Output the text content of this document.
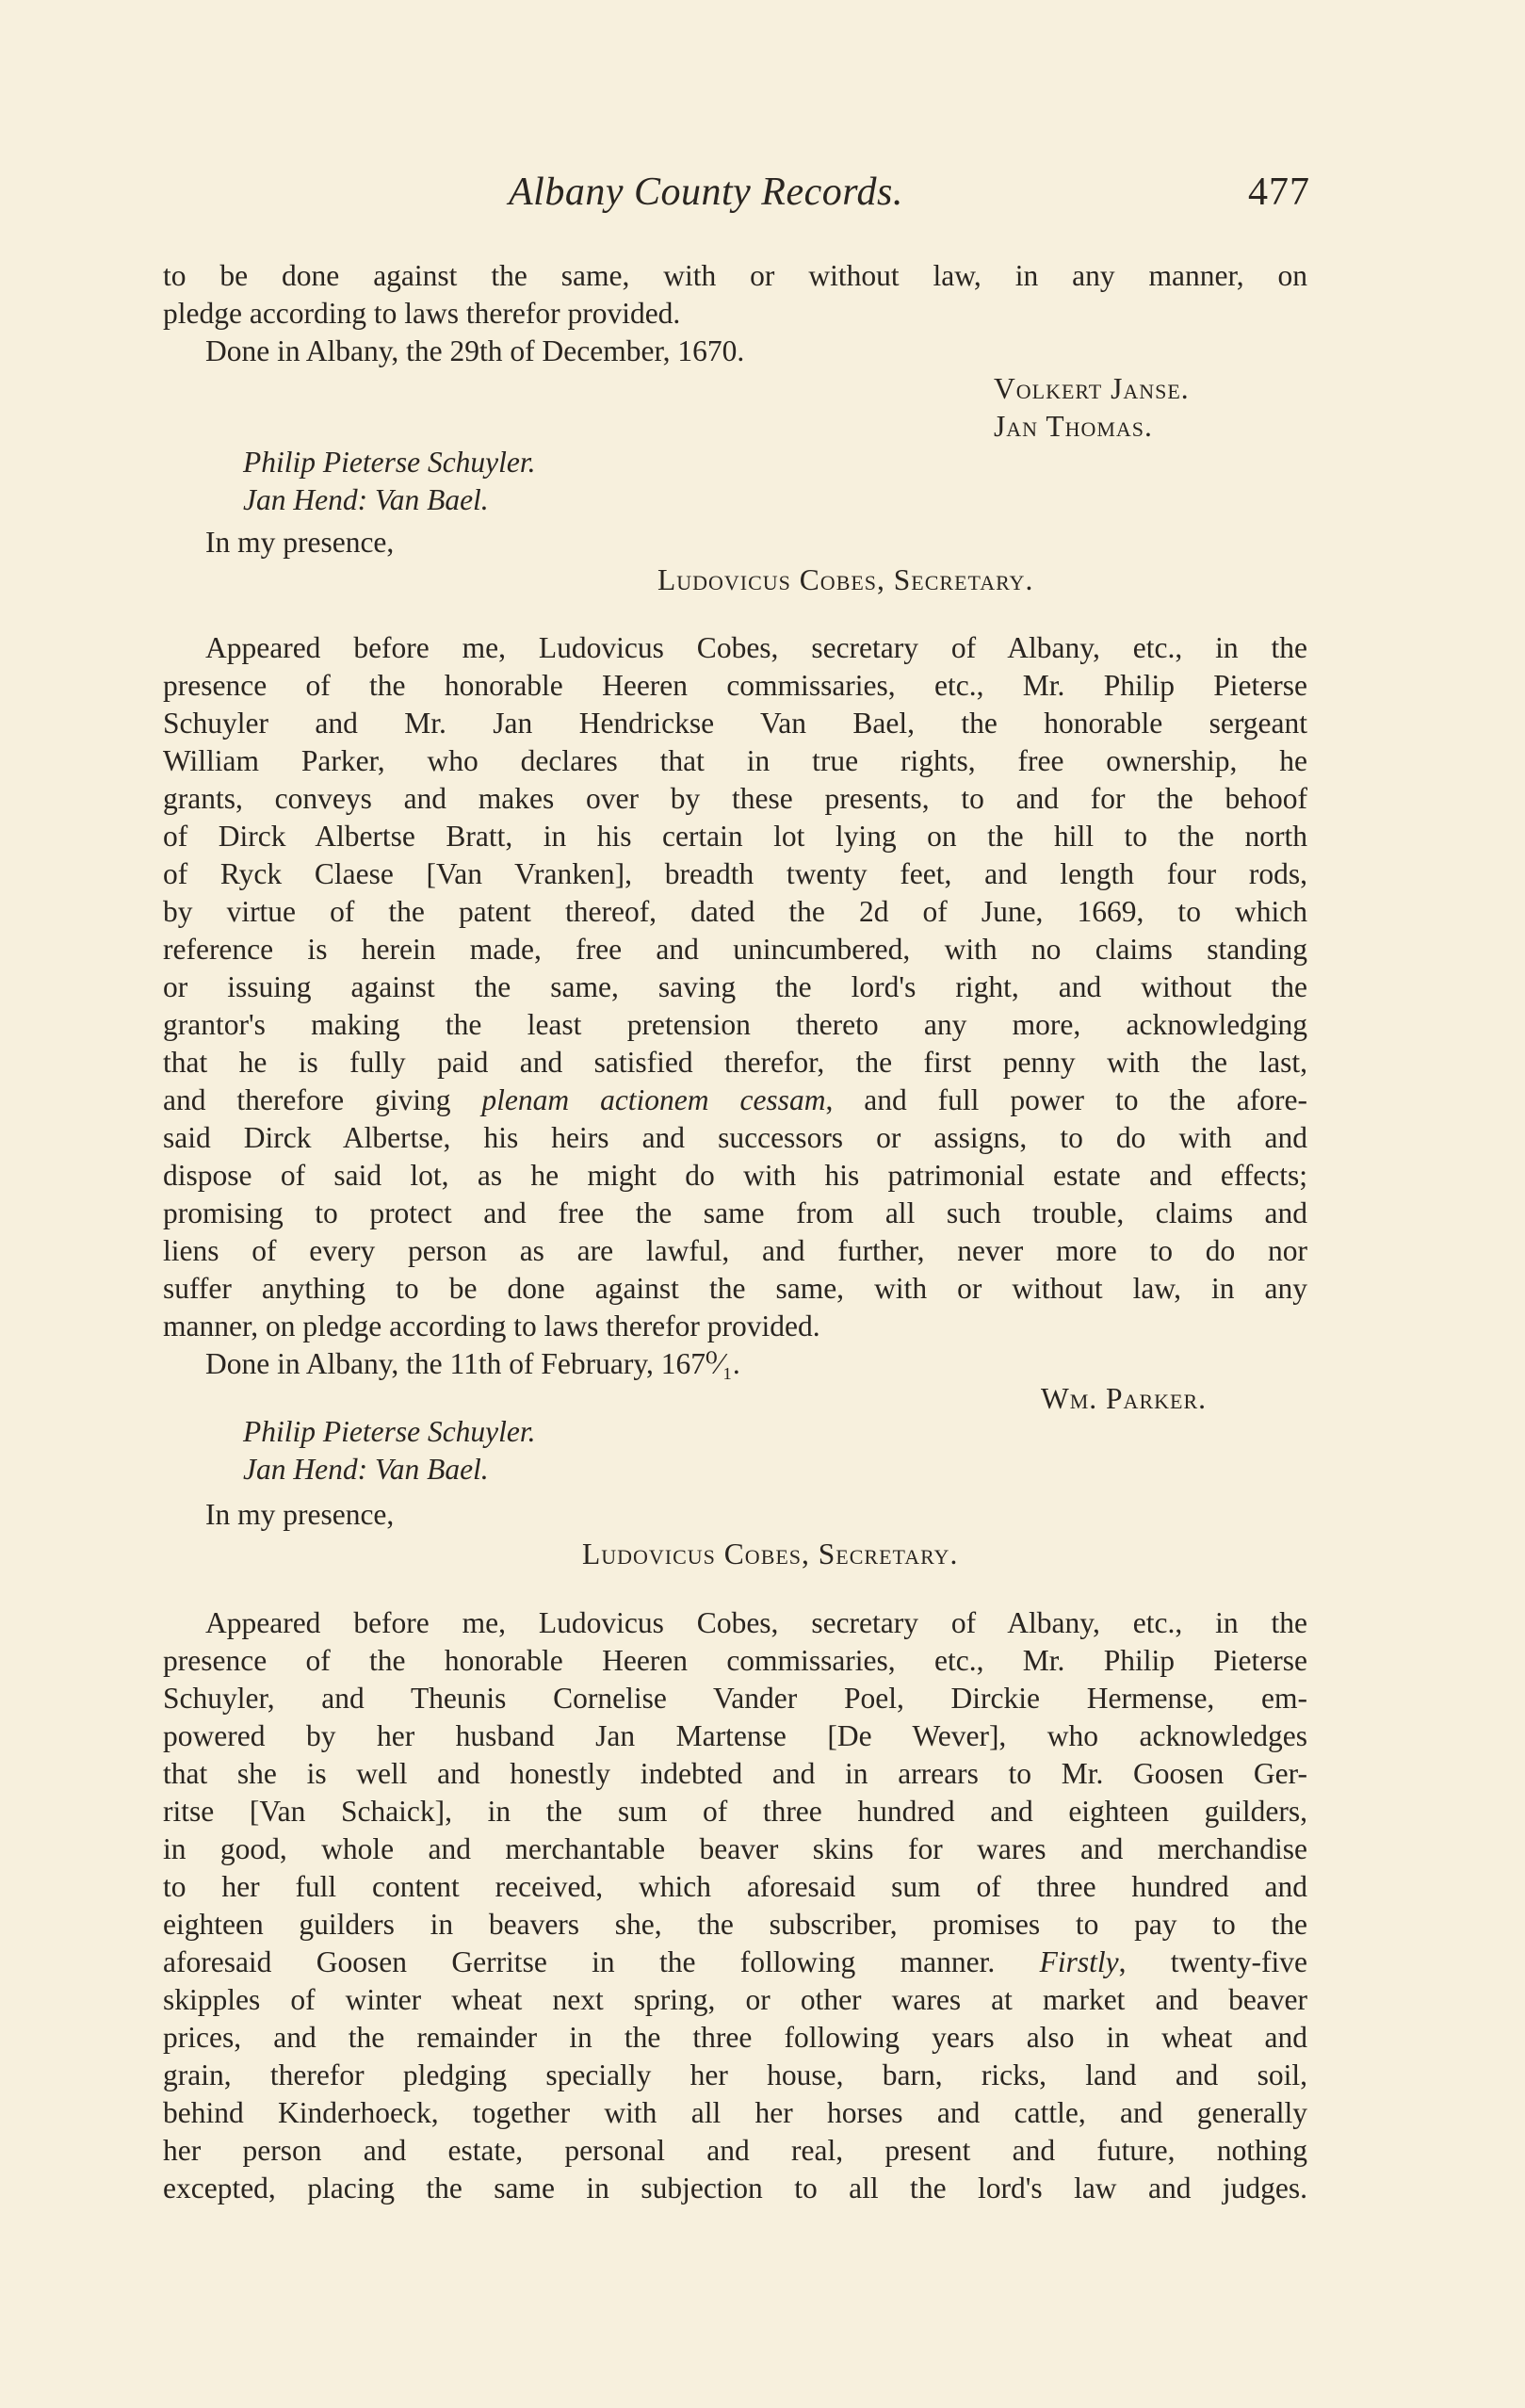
Albany County Records.	477
to be done against the same, with or without law, in any manner, on
pledge according to laws therefor provided.
Done in Albany, the 29th of December, 1670.
Volkert Janse.
Jan Thomas.
Philip Pieterse Schuyler.
Jan Hend: Van Bael.
In my presence,
Ludovicus Cobes, Secretary.
Appeared before me, Ludovicus Cobes, secretary of Albany, etc., in the
presence of the honorable Heeren commissaries, etc., Mr. Philip Pieterse
Schuyler and Mr. Jan Hendrickse Van Bael, the honorable sergeant
William Parker, who declares that in true rights, free ownership, he
grants, conveys and makes over by these presents, to and for the behoof
of Dirck Albertse Bratt, in his certain lot lying on the hill to the north
of Ryck Claese [Van Vranken], breadth twenty feet, and length four rods,
by virtue of the patent thereof, dated the 2d of June, 1669, to which
reference is herein made, free and unincumbered, with no claims standing
or issuing against the same, saving the lord's right, and without the
grantor's making the least pretension thereto any more, acknowledging
that he is fully paid and satisfied therefor, the first penny with the last,
and therefore giving plenam actionem cessam, and full power to the afore-
said Dirck Albertse, his heirs and successors or assigns, to do with and
dispose of said lot, as he might do with his patrimonial estate and effects;
promising to protect and free the same from all such trouble, claims and
liens of every person as are lawful, and further, never more to do nor
suffer anything to be done against the same, with or without law, in any
manner, on pledge according to laws therefor provided.
Done in Albany, the 11th of February, 167⁰⁄₁.
Wm. Parker.
Philip Pieterse Schuyler.
Jan Hend: Van Bael.
In my presence,
Ludovicus Cobes, Secretary.
Appeared before me, Ludovicus Cobes, secretary of Albany, etc., in the
presence of the honorable Heeren commissaries, etc., Mr. Philip Pieterse
Schuyler, and Theunis Cornelise Vander Poel, Dirckie Hermense, em-
powered by her husband Jan Martense [De Wever], who acknowledges
that she is well and honestly indebted and in arrears to Mr. Goosen Ger-
ritse [Van Schaick], in the sum of three hundred and eighteen guilders,
in good, whole and merchantable beaver skins for wares and merchandise
to her full content received, which aforesaid sum of three hundred and
eighteen guilders in beavers she, the subscriber, promises to pay to the
aforesaid Goosen Gerritse in the following manner. Firstly, twenty-five
skipples of winter wheat next spring, or other wares at market and beaver
prices, and the remainder in the three following years also in wheat and
grain, therefor pledging specially her house, barn, ricks, land and soil,
behind Kinderhoeck, together with all her horses and cattle, and generally
her person and estate, personal and real, present and future, nothing
excepted, placing the same in subjection to all the lord's law and judges.
